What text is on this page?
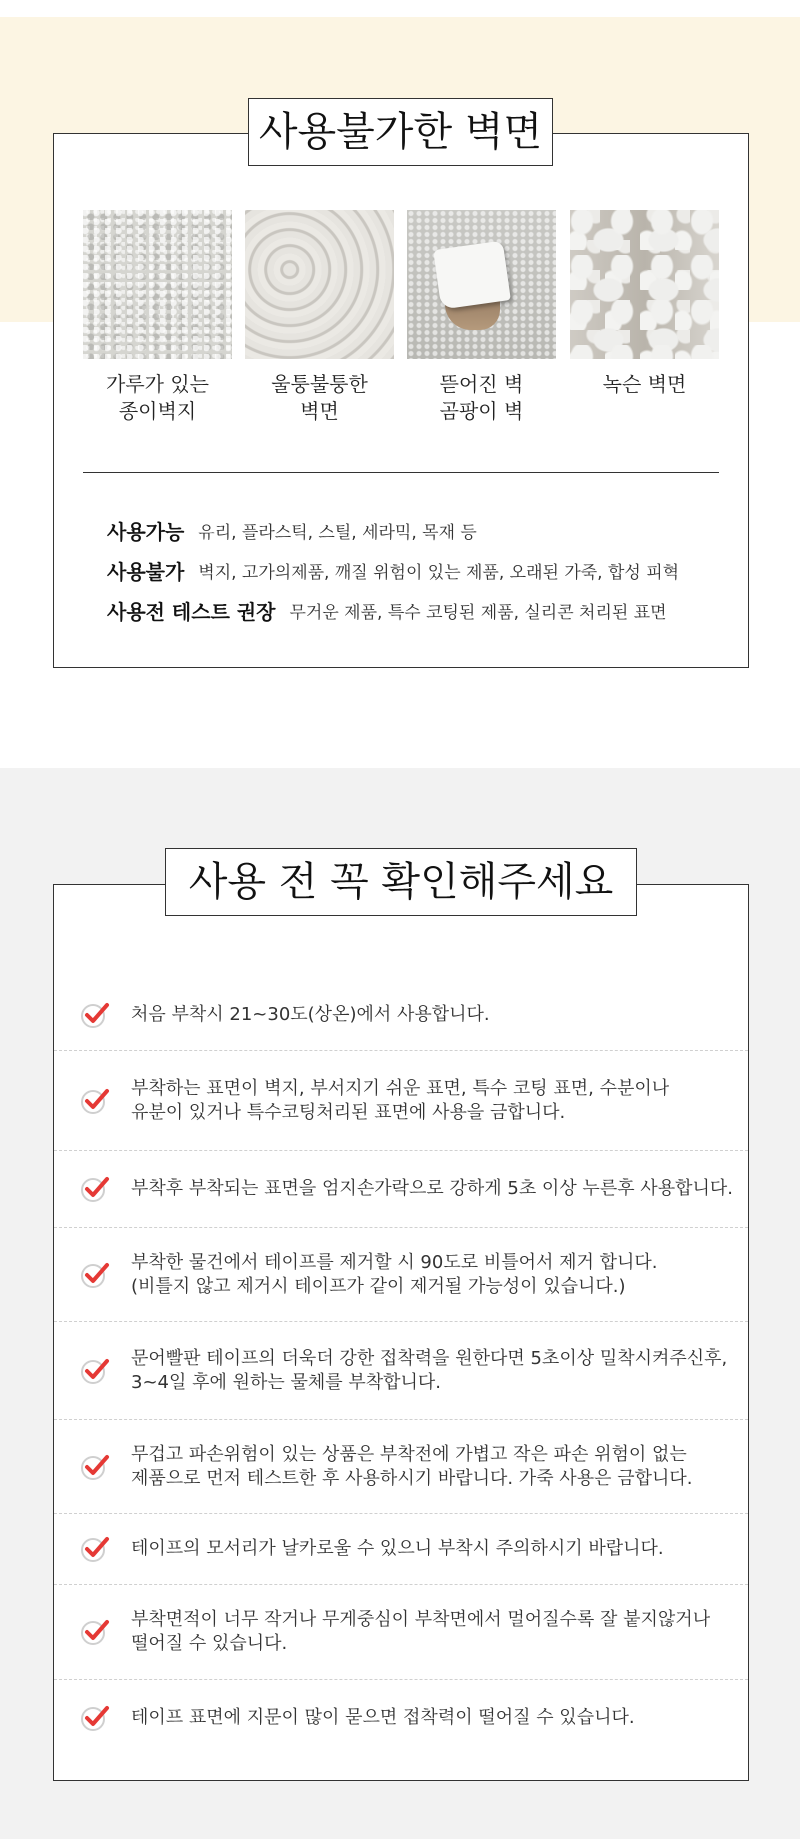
사용불가한 벽면
가루가 있는
종이벽지
울퉁불퉁한
벽면
뜯어진 벽
곰팡이 벽
녹슨 벽면
사용가능 유리, 플라스틱, 스틸, 세라믹, 목재 등
사용불가 벽지, 고가의제품, 깨질 위험이 있는 제품, 오래된 가죽, 합성 피혁
사용전 테스트 권장 무거운 제품, 특수 코팅된 제품, 실리콘 처리된 표면
사용 전 꼭 확인해주세요
처음 부착시 21~30도(상온)에서 사용합니다.
부착하는 표면이 벽지, 부서지기 쉬운 표면, 특수 코팅 표면, 수분이나
유분이 있거나 특수코팅처리된 표면에 사용을 금합니다.
부착후 부착되는 표면을 엄지손가락으로 강하게 5초 이상 누른후 사용합니다.
부착한 물건에서 테이프를 제거할 시 90도로 비틀어서 제거 합니다.
(비틀지 않고 제거시 테이프가 같이 제거될 가능성이 있습니다.)
문어빨판 테이프의 더욱더 강한 접착력을 원한다면 5초이상 밀착시켜주신후,
3~4일 후에 원하는 물체를 부착합니다.
무겁고 파손위험이 있는 상품은 부착전에 가볍고 작은 파손 위험이 없는
제품으로 먼저 테스트한 후 사용하시기 바랍니다. 가죽 사용은 금합니다.
테이프의 모서리가 날카로울 수 있으니 부착시 주의하시기 바랍니다.
부착면적이 너무 작거나 무게중심이 부착면에서 멀어질수록 잘 붙지않거나
떨어질 수 있습니다.
테이프 표면에 지문이 많이 묻으면 접착력이 떨어질 수 있습니다.
